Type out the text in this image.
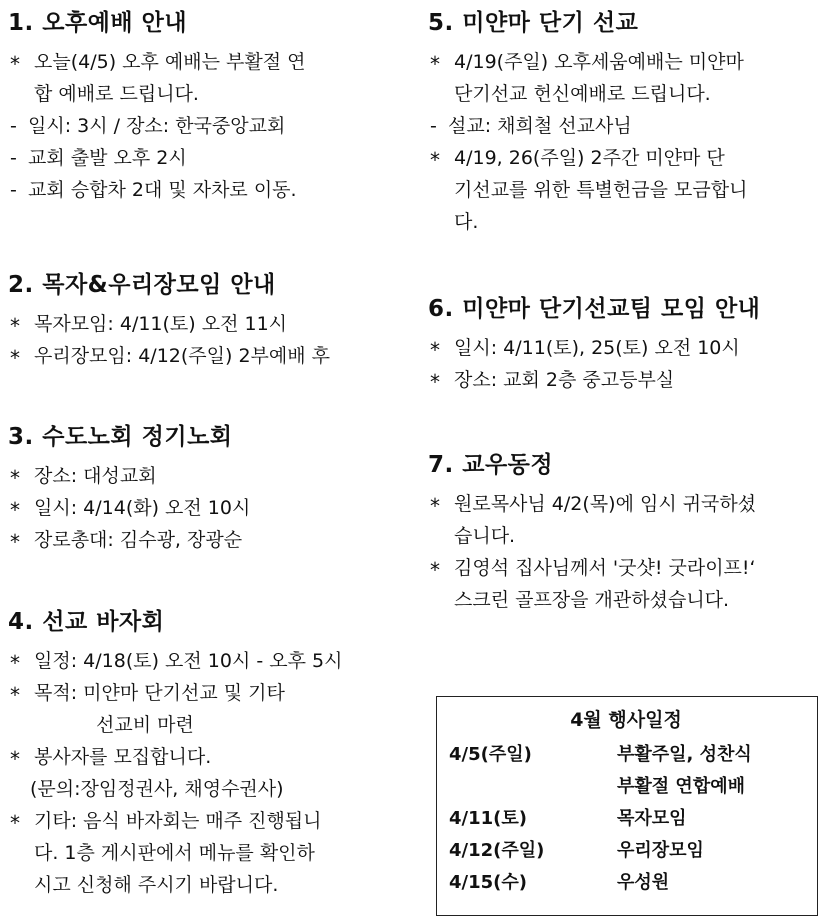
1. 오후예배 안내
* 오늘(4/5) 오후 예배는 부활절 연
합 예배로 드립니다.
- 일시: 3시 / 장소: 한국중앙교회
- 교회 출발 오후 2시
- 교회 승합차 2대 및 자차로 이동.
2. 목자&우리장모임 안내
* 목자모임: 4/11(토) 오전 11시
* 우리장모임: 4/12(주일) 2부예배 후
3. 수도노회 정기노회
* 장소: 대성교회
* 일시: 4/14(화) 오전 10시
* 장로총대: 김수광, 장광순
4. 선교 바자회
* 일정: 4/18(토) 오전 10시 - 오후 5시
* 목적: 미얀마 단기선교 및 기타
선교비 마련
* 봉사자를 모집합니다.
(문의:장임정권사, 채영수권사)
* 기타: 음식 바자회는 매주 진행됩니
다. 1층 게시판에서 메뉴를 확인하
시고 신청해 주시기 바랍니다.
5. 미얀마 단기 선교
* 4/19(주일) 오후세움예배는 미얀마
단기선교 헌신예배로 드립니다.
- 설교: 채희철 선교사님
* 4/19, 26(주일) 2주간 미얀마 단
기선교를 위한 특별헌금을 모금합니
다.
6. 미얀마 단기선교팀 모임 안내
* 일시: 4/11(토), 25(토) 오전 10시
* 장소: 교회 2층 중고등부실
7. 교우동정
* 원로목사님 4/2(목)에 임시 귀국하셨
습니다.
* 김영석 집사님께서 '굿샷! 굿라이프!‘
스크린 골프장을 개관하셨습니다.
4월 행사일정
4/5(주일)	부활주일, 성찬식
부활절 연합예배
4/11(토)	목자모임
4/12(주일)	우리장모임
4/15(수)	우성원
